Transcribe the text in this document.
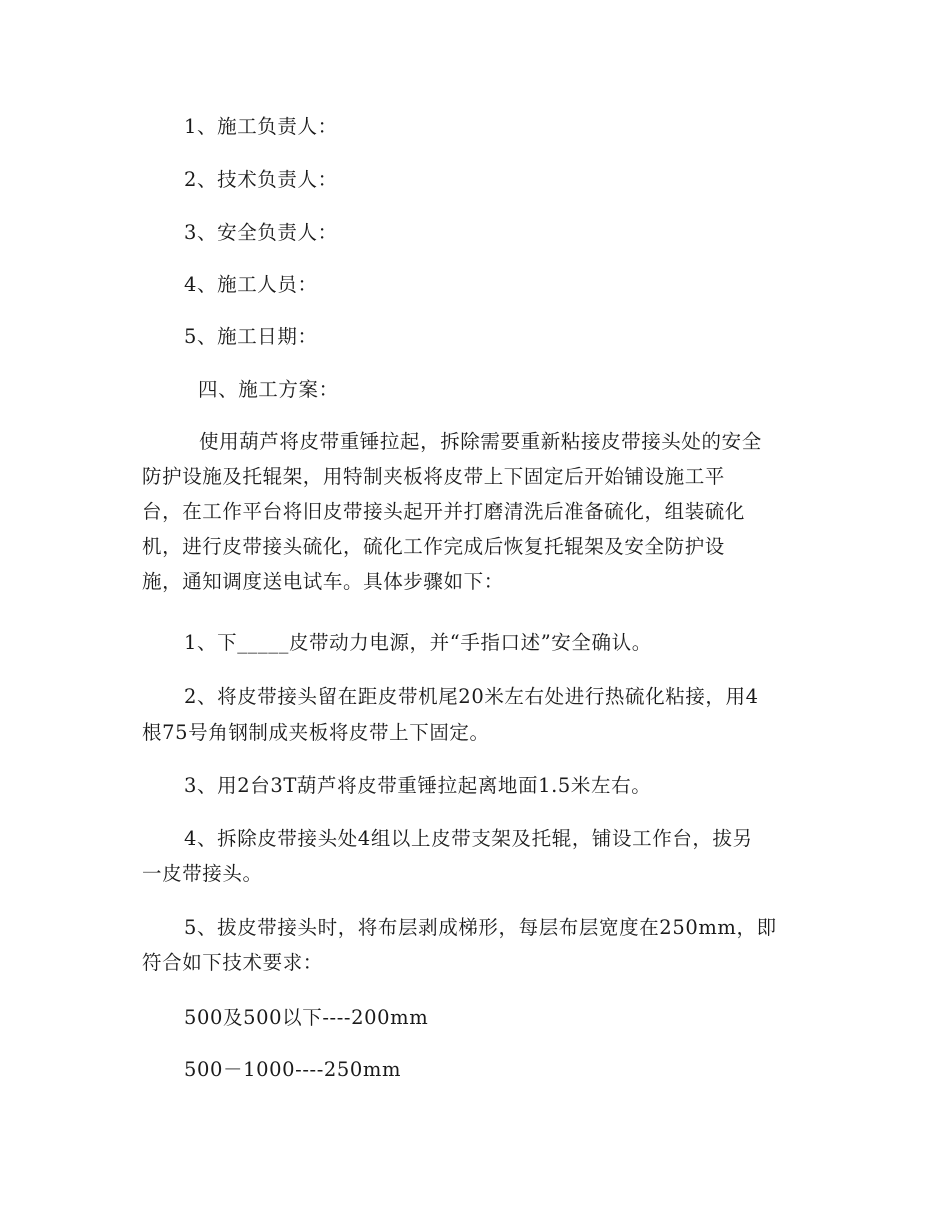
1、施工负责人：
2、技术负责人：
3、安全负责人：
4、施工人员：
5、施工日期：
四、施工方案：
使用葫芦将皮带重锤拉起，拆除需要重新粘接皮带接头处的安全
防护设施及托辊架，用特制夹板将皮带上下固定后开始铺设施工平
台，在工作平台将旧皮带接头起开并打磨清洗后准备硫化，组装硫化
机，进行皮带接头硫化，硫化工作完成后恢复托辊架及安全防护设
施，通知调度送电试车。具体步骤如下：
1、下_____皮带动力电源，并“手指口述”安全确认。
2、将皮带接头留在距皮带机尾20米左右处进行热硫化粘接，用4
根75号角钢制成夹板将皮带上下固定。
3、用2台3T葫芦将皮带重锤拉起离地面1.5米左右。
4、拆除皮带接头处4组以上皮带支架及托辊，铺设工作台，拔另
一皮带接头。
5、拔皮带接头时，将布层剥成梯形，每层布层宽度在250mm，即
符合如下技术要求：
500及500以下----200mm
500－1000----250mm
